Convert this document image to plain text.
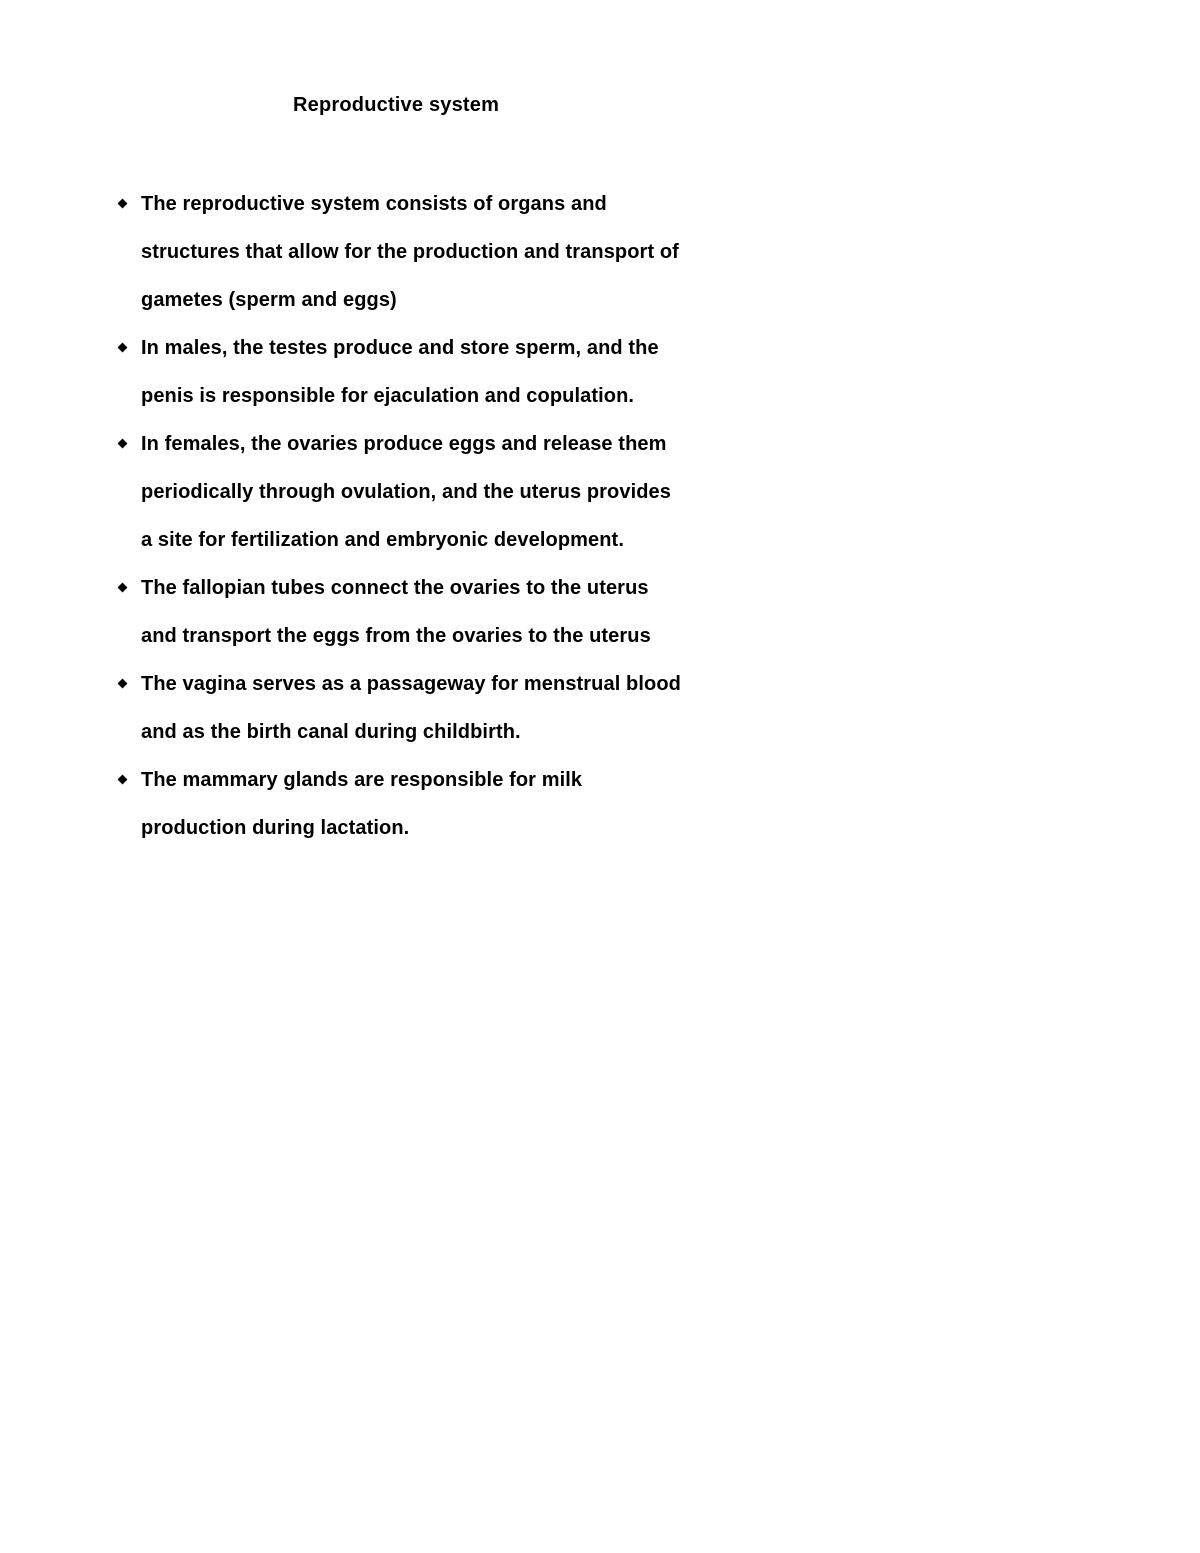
Reproductive system
The reproductive system consists of organs and
structures that allow for the production and transport of
gametes (sperm and eggs)
In males, the testes produce and store sperm, and the
penis is responsible for ejaculation and copulation.
In females, the ovaries produce eggs and release them
periodically through ovulation, and the uterus provides
a site for fertilization and embryonic development.
The fallopian tubes connect the ovaries to the uterus
and transport the eggs from the ovaries to the uterus
The vagina serves as a passageway for menstrual blood
and as the birth canal during childbirth.
The mammary glands are responsible for milk
production during lactation.
